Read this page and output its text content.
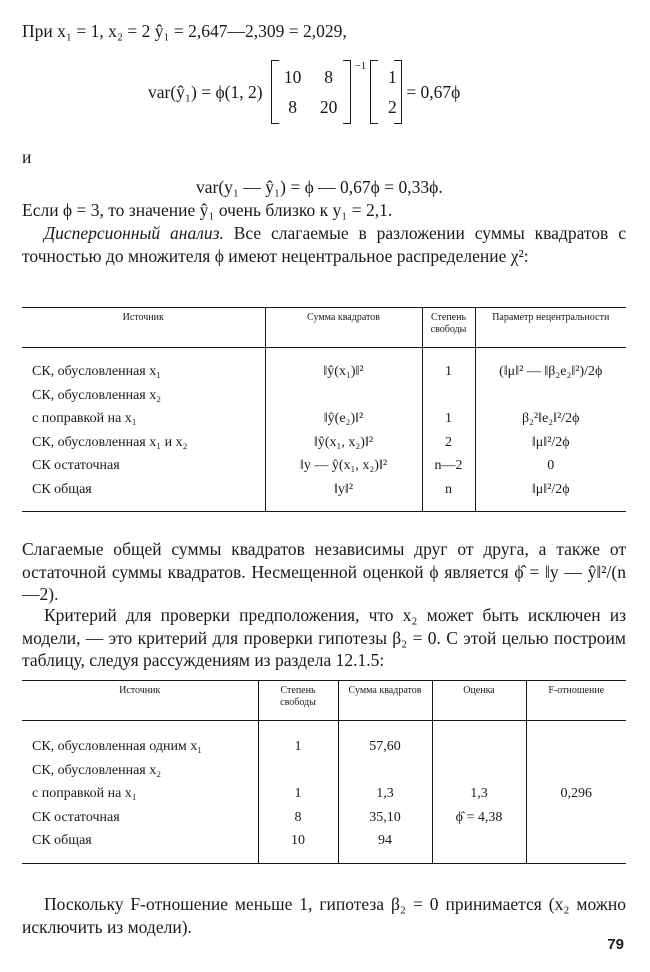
При x₁ = 1, x₂ = 2 ŷ₁ = 2,647—2,309 = 2,029,
var(ŷ₁) = ϕ(1, 2)
10	8
8	20
−1
1
2
= 0,67ϕ
и
var(y₁ — ŷ₁) = ϕ — 0,67ϕ = 0,33ϕ.
Если ϕ = 3, то значение ŷ₁ очень близко к y₁ = 2,1.
Дисперсионный анализ. Все слагаемые в разложении суммы квадратов с точностью до множителя ϕ имеют нецентральное распределение χ²:
Источник	Сумма квадратов	Степень свободы	Параметр нецентральности

СК, обусловленная x₁	‖ŷ(x₁)‖²	1	(‖μ‖² — ‖β₂e₂‖²)/2ϕ
СК, обусловленная x₂			
с поправкой на x₁	‖ŷ(e₂)‖²	1	β₂²‖e₂‖²/2ϕ
СК, обусловленная x₁ и x₂	‖ŷ(x₁, x₂)‖²	2	‖μ‖²/2ϕ
СК остаточная	‖y — ŷ(x₁, x₂)‖²	n—2	0
СК общая	‖y‖²	n	‖μ‖²/2ϕ

Слагаемые общей суммы квадратов независимы друг от друга, а также от остаточной суммы квадратов. Несмещенной оценкой ϕ является ϕ̂ = ‖y — ŷ‖²/(n—2).
Критерий для проверки предположения, что x₂ может быть исключен из модели, — это критерий для проверки гипотезы β₂ = 0. С этой целью построим таблицу, следуя рассуждениям из раздела 12.1.5:
Источник	Степень свободы	Сумма квадратов	Оценка	F-отношение

СК, обусловленная одним x₁	1	57,60		
СК, обусловленная x₂				
с поправкой на x₁	1	1,3	1,3	0,296
СК остаточная	8	35,10	ϕ̂ = 4,38	
СК общая	10	94		

Поскольку F-отношение меньше 1, гипотеза β₂ = 0 принимается (x₂ можно исключить из модели).
79
